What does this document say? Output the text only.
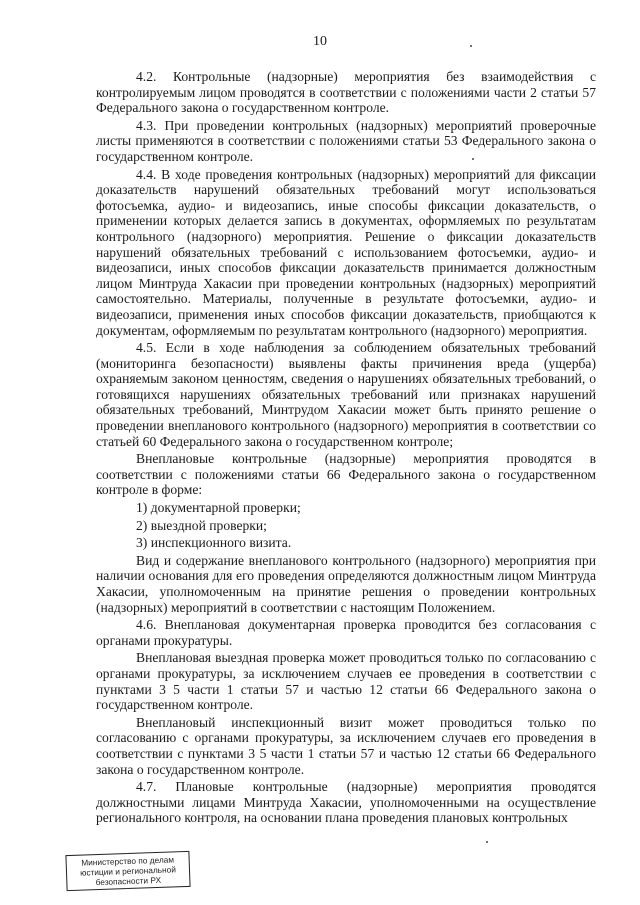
10

4.2. Контрольные (надзорные) мероприятия без взаимодействия с контролируемым лицом проводятся в соответствии с положениями части 2 статьи 57 Федерального закона о государственном контроле.

4.3. При проведении контрольных (надзорных) мероприятий проверочные листы применяются в соответствии с положениями статьи 53 Федерального закона о государственном контроле.

4.4. В ходе проведения контрольных (надзорных) мероприятий для фиксации доказательств нарушений обязательных требований могут использоваться фотосъемка, аудио- и видеозапись, иные способы фиксации доказательств, о применении которых делается запись в документах, оформляемых по результатам контрольного (надзорного) мероприятия. Решение о фиксации доказательств нарушений обязательных требований с использованием фотосъемки, аудио- и видеозаписи, иных способов фиксации доказательств принимается должностным лицом Минтруда Хакасии при проведении контрольных (надзорных) мероприятий самостоятельно. Материалы, полученные в результате фотосъемки, аудио- и видеозаписи, применения иных способов фиксации доказательств, приобщаются к документам, оформляемым по результатам контрольного (надзорного) мероприятия.

4.5. Если в ходе наблюдения за соблюдением обязательных требований (мониторинга безопасности) выявлены факты причинения вреда (ущерба) охраняемым законом ценностям, сведения о нарушениях обязательных требований, о готовящихся нарушениях обязательных требований или признаках нарушений обязательных требований, Минтрудом Хакасии может быть принято решение о проведении внепланового контрольного (надзорного) мероприятия в соответствии со статьей 60 Федерального закона о государственном контроле;

Внеплановые контрольные (надзорные) мероприятия проводятся в соответствии с положениями статьи 66 Федерального закона о государственном контроле в форме:

1) документарной проверки;

2) выездной проверки;

3) инспекционного визита.

Вид и содержание внепланового контрольного (надзорного) мероприятия при наличии основания для его проведения определяются должностным лицом Минтруда Хакасии, уполномоченным на принятие решения о проведении контрольных (надзорных) мероприятий в соответствии с настоящим Положением.

4.6. Внеплановая документарная проверка проводится без согласования с органами прокуратуры.

Внеплановая выездная проверка может проводиться только по согласованию с органами прокуратуры, за исключением случаев ее проведения в соответствии с пунктами 3 5 части 1 статьи 57 и частью 12 статьи 66 Федерального закона о государственном контроле.

Внеплановый инспекционный визит может проводиться только по согласованию с органами прокуратуры, за исключением случаев его проведения в соответствии с пунктами 3 5 части 1 статьи 57 и частью 12 статьи 66 Федерального закона о государственном контроле.

4.7. Плановые контрольные (надзорные) мероприятия проводятся должностными лицами Минтруда Хакасии, уполномоченными на осуществление регионального контроля, на основании плана проведения плановых контрольных

Министерство по делам
юстиции и региональной
безопасности РХ
